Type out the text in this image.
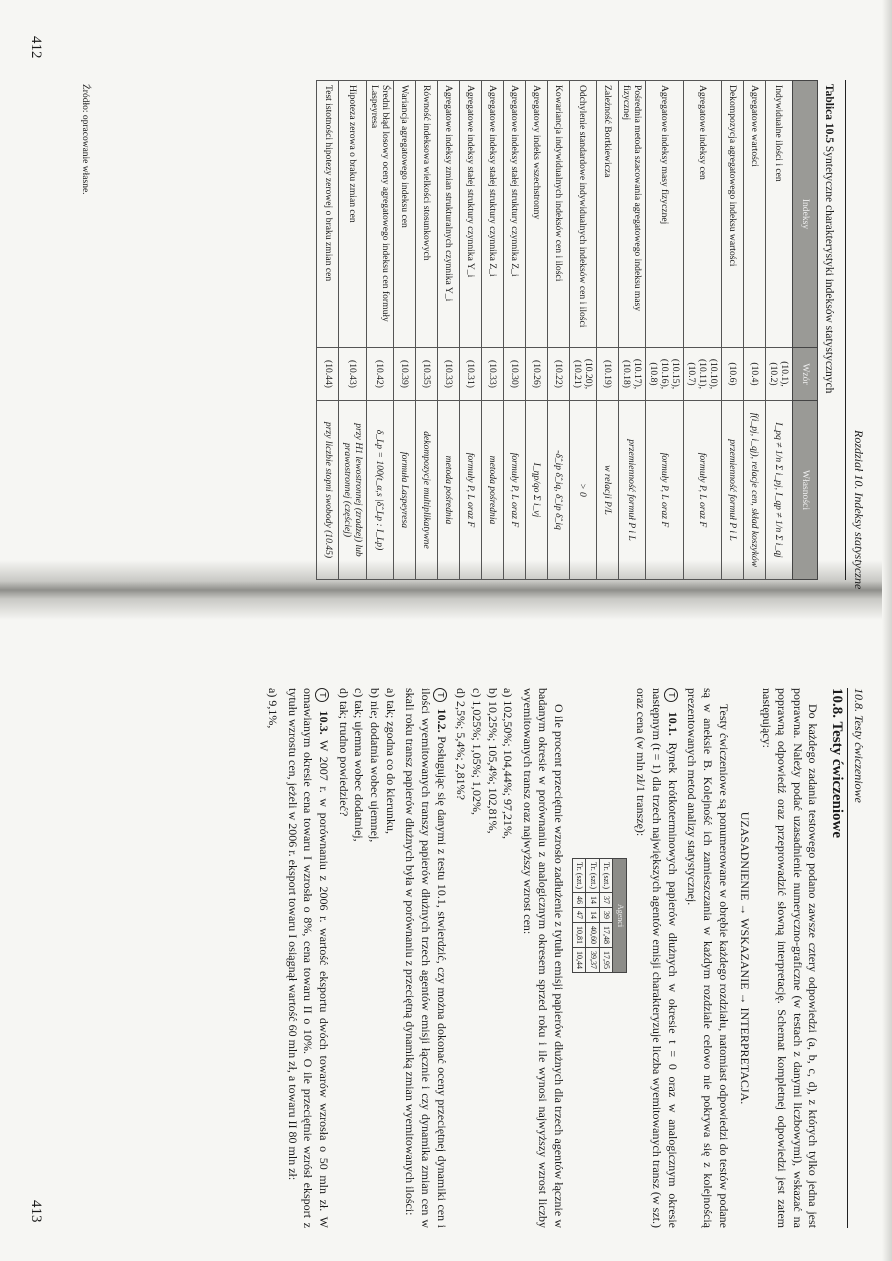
Rozdział 10. Indeksy statystyczne
Tablica 10.5 Syntetyczne charakterystyki indeksów statystycznych
Indeksy	Wzór	Własności
Indywidualne ilości i cen	(10.1), (10.2)	I_pq ≠ 1/n Σ i_pj, I_qp ≠ 1/n Σ i_qj
Agregatowe wartości	(10.4)	f(i_pj, i_qj), relacje cen, skład koszyków
Dekompozycja agregatowego indeksu wartości	(10.6)	przemienność formuł P i L
Agregatowe indeksy cen	(10.10), (10.11), (10.7)	formuły P, L oraz F
Agregatowe indeksy masy fizycznej	(10.15), (10.16), (10.8)	formuły P, L oraz F
Pośrednia metoda szacowania agregatowego indeksu masy fizycznej	(10.17), (10.18)	przemienność formuł P i L
Zależność Bortkiewicza	(10.19)	w relacji P/L
Odchylenie standardowe indywidualnych indeksów cen i ilości	(10.20), (10.21)	> 0
Kowariancja indywidualnych indeksów cen i ilości	(10.22)	-δ̂_ip δ̂_iq, δ̂_ip δ̂_iq
Agregatowy indeks wszechstronny	(10.26)	I_ηp/qo Σ i_vj
Agregatowe indeksy stałej struktury czynnika Z_i	(10.30)	formuły P, L oraz F
Agregatowe indeksy stałej struktury czynnika Z_i	(10.33)	metoda pośrednia
Agregatowe indeksy stałej struktury czynnika Y_i	(10.31)	formuły P, L oraz F
Agregatowe indeksy zmian strukturalnych czynnika Y_i	(10.33)	metoda pośrednia
Równość indeksowa wielkości stosunkowych	(10.35)	dekompozycje multiplikatywne
Wariancja agregatowego indeksu cen	(10.39)	formuła Laspeyresa
Średni błąd losowy oceny agregatowego indeksu cen formuły Laspeyresa	(10.42)	δ_Lp = 100(t_α,s |δ̂_Lp : I_Lp)
Hipoteza zerowa o braku zmian cen	(10.43)	przy H1 lewostronnej (zradzej) lub prawostronnej (częściej)
Test istotności hipotezy zerowej o braku zmian cen	(10.44)	przy liczbie stopni swobody (10.45)
Źródło: opracowanie własne.
412
10.8. Testy ćwiczeniowe
10.8. Testy ćwiczeniowe

Do każdego zadania testowego podano zawsze cztery odpowiedzi (a, b, c, d), z których tylko jedna jest poprawna. Należy podać uzasadnienie numeryczno-graficzne (w testach z danymi liczbowymi), wskazać na poprawną odpowiedź oraz przeprowadzić słowną interpretację. Schemat kompletnej odpowiedzi jest zatem następujący:

UZASADNIENIE → WSKAZANIE → INTERPRETACJA.

Testy ćwiczeniowe są ponumerowane w obrębie każdego rozdziału, natomiast odpowiedzi do testów podane są w aneksie B. Kolejność ich zamieszczania w każdym rozdziale celowo nie pokrywa się z kolejnością prezentowanych metod analizy statystycznej.

T 10.1. Rynek krótkoterminowych papierów dłużnych w okresie t = 0 oraz w analogicznym okresie następnym (t = 1) dla trzech największych agentów emisji charakteryzuje liczba wyemitowanych transz (w szt.) oraz cena (w mln zł/1 transzę):

Agenci				
Tr. (szt.)	37	39	17,48	17,95
Tr. (szt.)	14	14	40,60	39,37
Tr. (szt.)	46	47	10,81	10,44

O ile procent przeciętnie wzrosło zadłużenie z tytułu emisji papierów dłużnych dla trzech agentów łącznie w badanym okresie w porównaniu z analogicznym okresem sprzed roku i ile wynosi najwyższy wzrost liczby wyemitowanych transz oraz najwyższy wzrost cen:

a) 102,50%; 104,44%; 97,21%,
b) 10,25%; 105,4%; 102,81%,
c) 1,025%; 1,05%; 1,02%,
d) 2,5%; 5,4%; 2,81%?

T 10.2. Posługując się danymi z testu 10.1, stwierdzić, czy można dokonać oceny przeciętnej dynamiki cen i ilości wyemitowanych transzy papierów dłużnych trzech agentów emisji łącznie i czy dynamika zmian cen w skali roku transz papierów dłużnych była w porównaniu z przeciętną dynamiką zmian wyemitowanych ilości:

a) tak; zgodna co do kierunku,
b) nie; dodatnia wobec ujemnej,
c) tak; ujemna wobec dodatniej,
d) tak; trudno powiedzieć?

T 10.3. W 2007 r. w porównaniu z 2006 r. wartość eksportu dwóch towarów wzrosła o 50 mln zł. W omawianym okresie cena towaru I wzrosła o 8%, cena towaru II o 10%. O ile przeciętnie wzrósł eksport z tytułu wzrostu cen, jeżeli w 2006 r. eksport towaru I osiągnął wartość 60 mln zł, a towaru II 80 mln zł:

a) 9,1%,
413
